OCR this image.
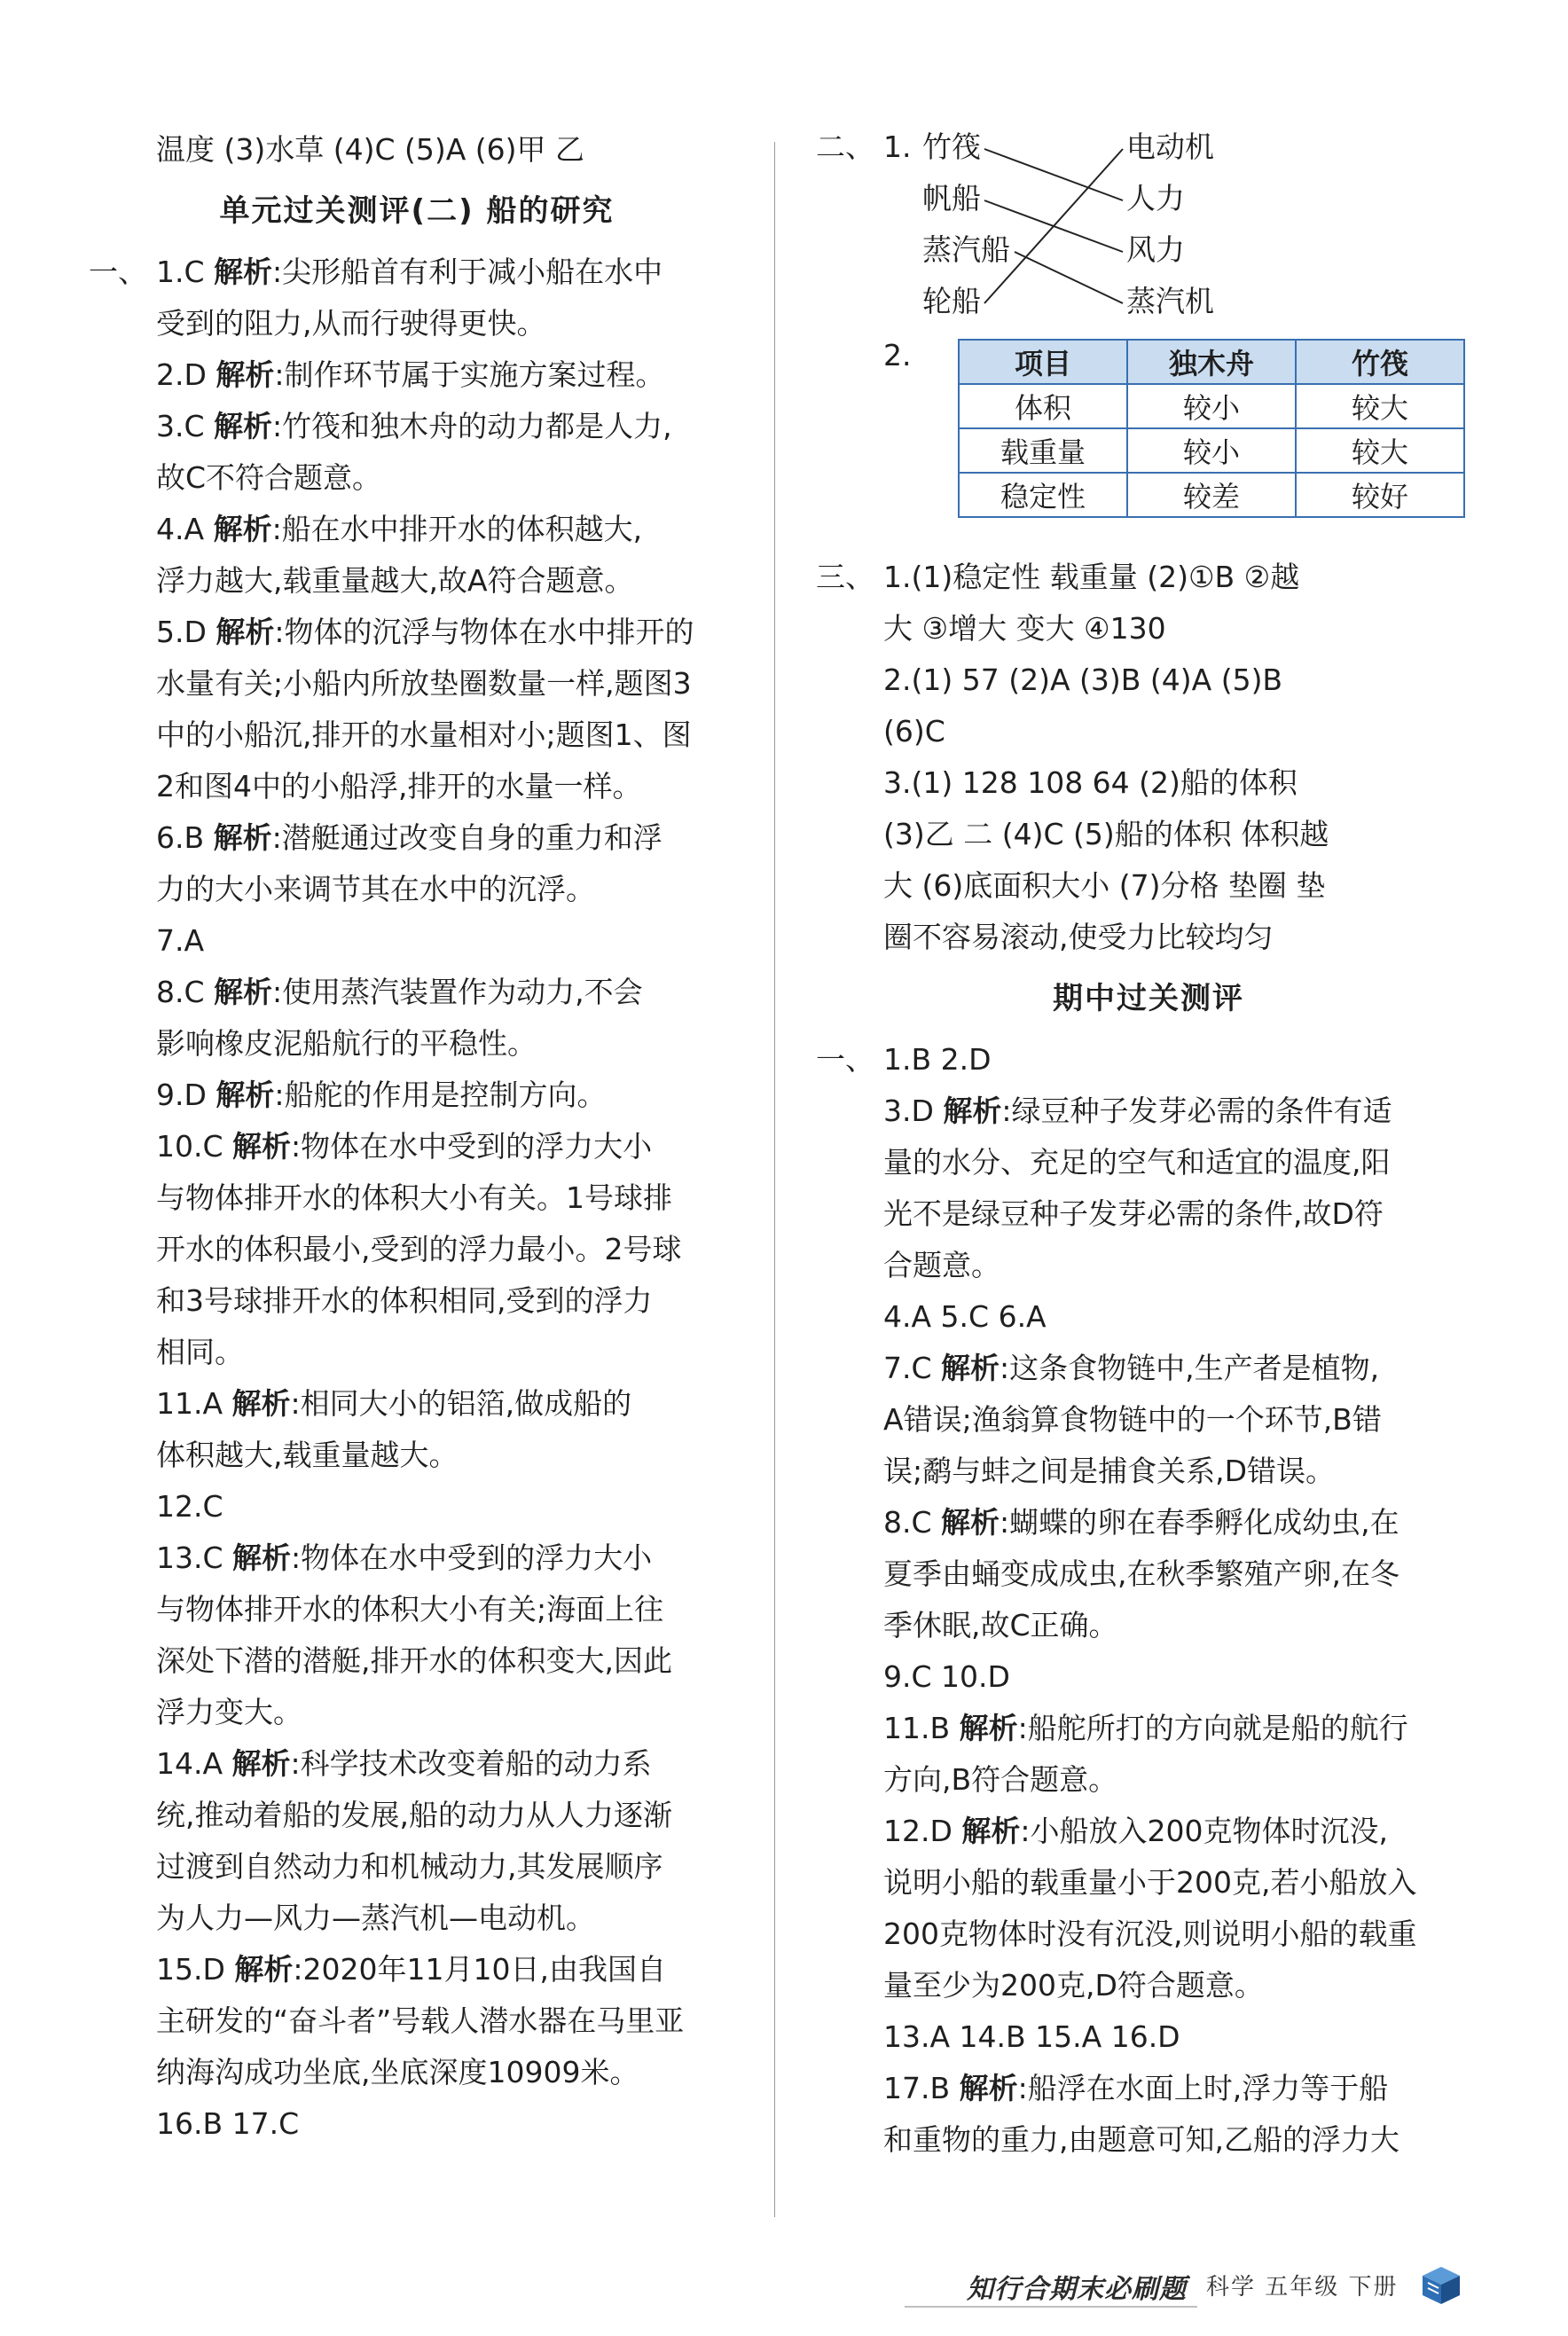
温度 (3)水草 (4)C (5)A (6)甲 乙
单元过关测评(二) 船的研究
一、 1.C 解析:尖形船首有利于减小船在水中
受到的阻力,从而行驶得更快。
2.D 解析:制作环节属于实施方案过程。
3.C 解析:竹筏和独木舟的动力都是人力,
故C不符合题意。
4.A 解析:船在水中排开水的体积越大,
浮力越大,载重量越大,故A符合题意。
5.D 解析:物体的沉浮与物体在水中排开的
水量有关;小船内所放垫圈数量一样,题图3
中的小船沉,排开的水量相对小;题图1、图
2和图4中的小船浮,排开的水量一样。
6.B 解析:潜艇通过改变自身的重力和浮
力的大小来调节其在水中的沉浮。
7.A
8.C 解析:使用蒸汽装置作为动力,不会
影响橡皮泥船航行的平稳性。
9.D 解析:船舵的作用是控制方向。
10.C 解析:物体在水中受到的浮力大小
与物体排开水的体积大小有关。1号球排
开水的体积最小,受到的浮力最小。2号球
和3号球排开水的体积相同,受到的浮力
相同。
11.A 解析:相同大小的铝箔,做成船的
体积越大,载重量越大。
12.C
13.C 解析:物体在水中受到的浮力大小
与物体排开水的体积大小有关;海面上往
深处下潜的潜艇,排开水的体积变大,因此
浮力变大。
14.A 解析:科学技术改变着船的动力系
统,推动着船的发展,船的动力从人力逐渐
过渡到自然动力和机械动力,其发展顺序
为人力—风力—蒸汽机—电动机。
15.D 解析:2020年11月10日,由我国自
主研发的“奋斗者”号载人潜水器在马里亚
纳海沟成功坐底,坐底深度10909米。
16.B 17.C
二、 1. 竹筏
帆船
蒸汽船
轮船
电动机
人力
风力
蒸汽机
2.	项目	独木舟	竹筏
体积	较小	较大
载重量	较小	较大
稳定性	较差	较好
三、 1.(1)稳定性 载重量 (2)①B ②越
大 ③增大 变大 ④130
2.(1) 57 (2)A (3)B (4)A (5)B
(6)C
3.(1) 128 108 64 (2)船的体积
(3)乙 二 (4)C (5)船的体积 体积越
大 (6)底面积大小 (7)分格 垫圈 垫
圈不容易滚动,使受力比较均匀
期中过关测评
一、 1.B 2.D
3.D 解析:绿豆种子发芽必需的条件有适
量的水分、充足的空气和适宜的温度,阳
光不是绿豆种子发芽必需的条件,故D符
合题意。
4.A 5.C 6.A
7.C 解析:这条食物链中,生产者是植物,
A错误;渔翁算食物链中的一个环节,B错
误;鹬与蚌之间是捕食关系,D错误。
8.C 解析:蝴蝶的卵在春季孵化成幼虫,在
夏季由蛹变成成虫,在秋季繁殖产卵,在冬
季休眠,故C正确。
9.C 10.D
11.B 解析:船舵所打的方向就是船的航行
方向,B符合题意。
12.D 解析:小船放入200克物体时沉没,
说明小船的载重量小于200克,若小船放入
200克物体时没有沉没,则说明小船的载重
量至少为200克,D符合题意。
13.A 14.B 15.A 16.D
17.B 解析:船浮在水面上时,浮力等于船
和重物的重力,由题意可知,乙船的浮力大
知行合期末必刷题 科学 五年级 下册
